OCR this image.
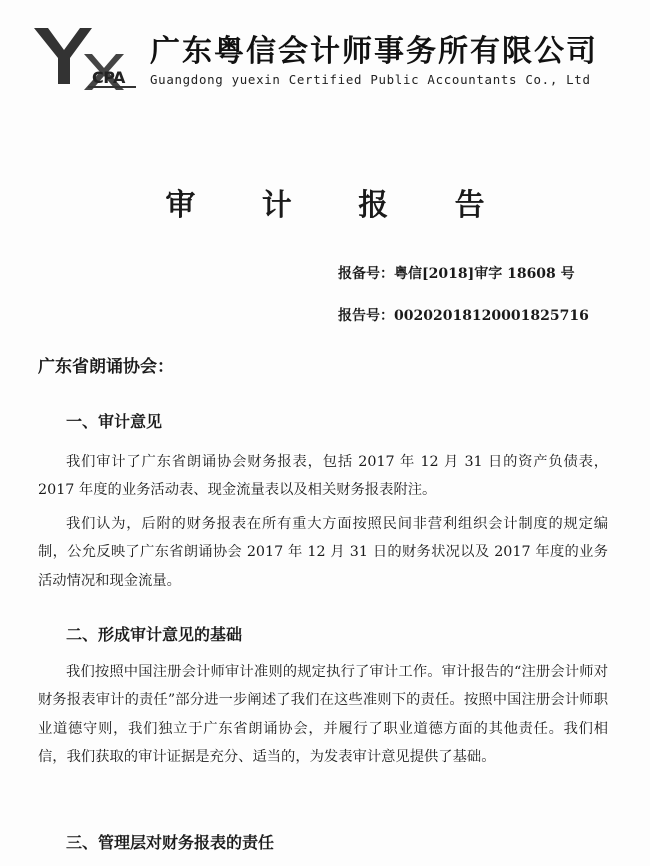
CPA
广东粤信会计师事务所有限公司
Guangdong yuexin Certified Public Accountants Co., Ltd
审 计 报 告
报备号：粤信[2018]审字 18608 号
报告号：0020201812000182571​6
广东省朗诵协会：
一、审计意见

我们审计了广东省朗诵协会财务报表，包括 2017 年 12 月 31 日的资产负债表，2017 年度的业务活动表、现金流量表以及相关财务报表附注。

我们认为，后附的财务报表在所有重大方面按照民间非营利组织会计制度的规定编制，公允反映了广东省朗诵协会 2017 年 12 月 31 日的财务状况以及 2017 年度的业务活动情况和现金流量。

二、形成审计意见的基础

我们按照中国注册会计师审计准则的规定执行了审计工作。审计报告的“注册会计师对财务报表审计的责任”部分进一步阐述了我们在这些准则下的责任。按照中国注册会计师职业道德守则，我们独立于广东省朗诵协会，并履行了职业道德方面的其他责任。我们相信，我们获取的审计证据是充分、适当的，为发表审计意见提供了基础。

三、管理层对财务报表的责任
